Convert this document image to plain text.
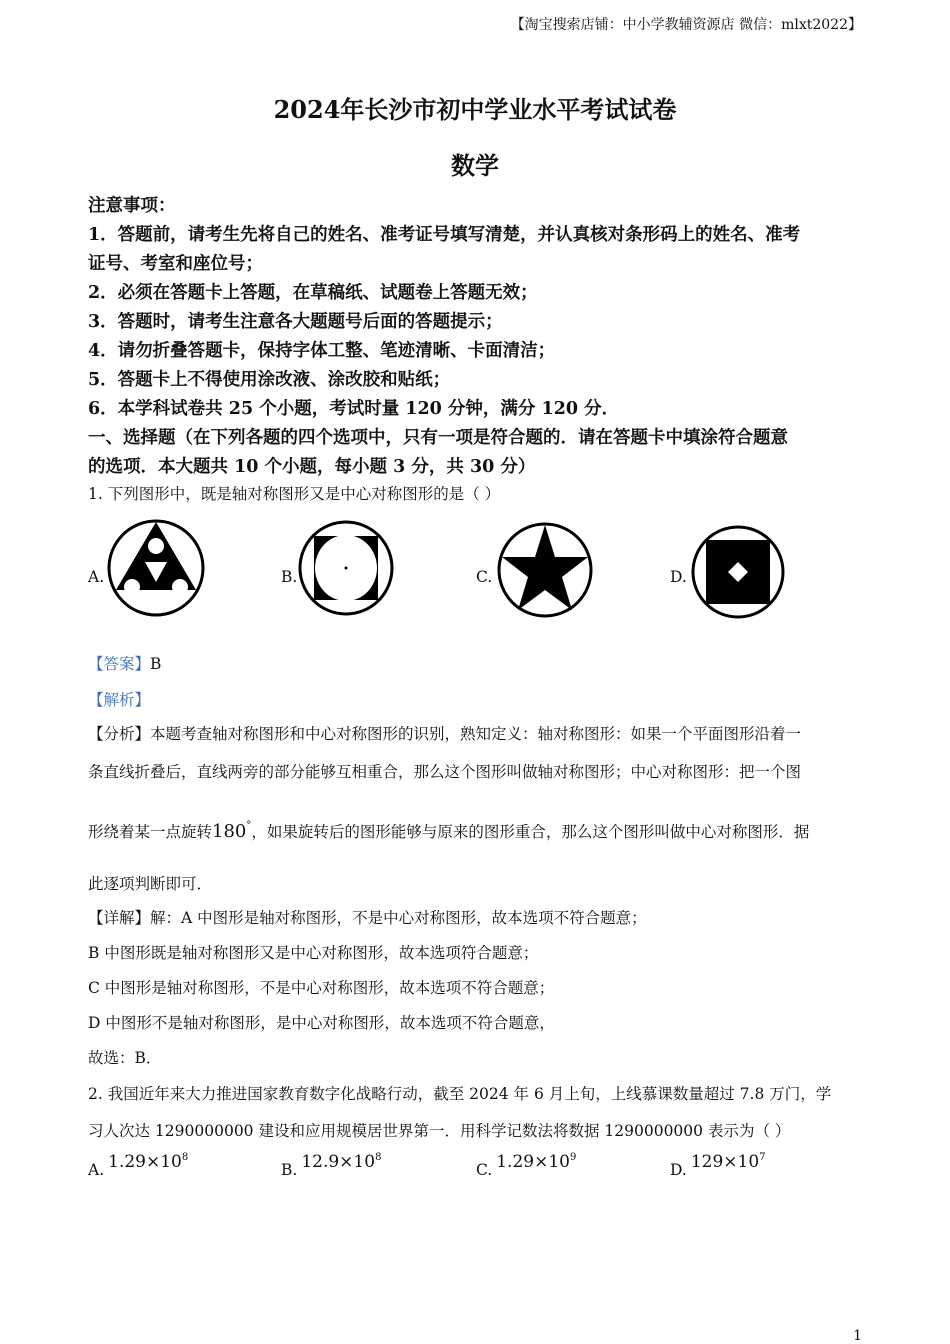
【淘宝搜索店铺：中小学教辅资源店 微信：mlxt2022】
2024年长沙市初中学业水平考试试卷
数学
注意事项：
1．答题前，请考生先将自己的姓名、准考证号填写清楚，并认真核对条形码上的姓名、准考
证号、考室和座位号；
2．必须在答题卡上答题，在草稿纸、试题卷上答题无效；
3．答题时，请考生注意各大题题号后面的答题提示；
4．请勿折叠答题卡，保持字体工整、笔迹清晰、卡面清洁；
5．答题卡上不得使用涂改液、涂改胶和贴纸；
6．本学科试卷共 25 个小题，考试时量 120 分钟，满分 120 分．
一、选择题（在下列各题的四个选项中，只有一项是符合题的．请在答题卡中填涂符合题意
的选项．本大题共 10 个小题，每小题 3 分，共 30 分）
1. 下列图形中，既是轴对称图形又是中心对称图形的是（ ）
A.	B.	C.	D.
【答案】B
【解析】
【分析】本题考查轴对称图形和中心对称图形的识别，熟知定义：轴对称图形：如果一个平面图形沿着一
条直线折叠后，直线两旁的部分能够互相重合，那么这个图形叫做轴对称图形；中心对称图形：把一个图
形绕着某一点旋转180°，如果旋转后的图形能够与原来的图形重合，那么这个图形叫做中心对称图形．据
此逐项判断即可．
【详解】解：A 中图形是轴对称图形，不是中心对称图形，故本选项不符合题意；
B 中图形既是轴对称图形又是中心对称图形，故本选项符合题意；
C 中图形是轴对称图形，不是中心对称图形，故本选项不符合题意；
D 中图形不是轴对称图形，是中心对称图形，故本选项不符合题意，
故选：B．
2. 我国近年来大力推进国家教育数字化战略行动，截至 2024 年 6 月上旬，上线慕课数量超过 7.8 万门，学
习人次达 1290000000 建设和应用规模居世界第一．用科学记数法将数据 1290000000 表示为（ ）
A. $1.29\times 10^8$
B. $12.9\times 10^8$
C. $1.29\times 10^9$
D. $129\times 10^7$
1
